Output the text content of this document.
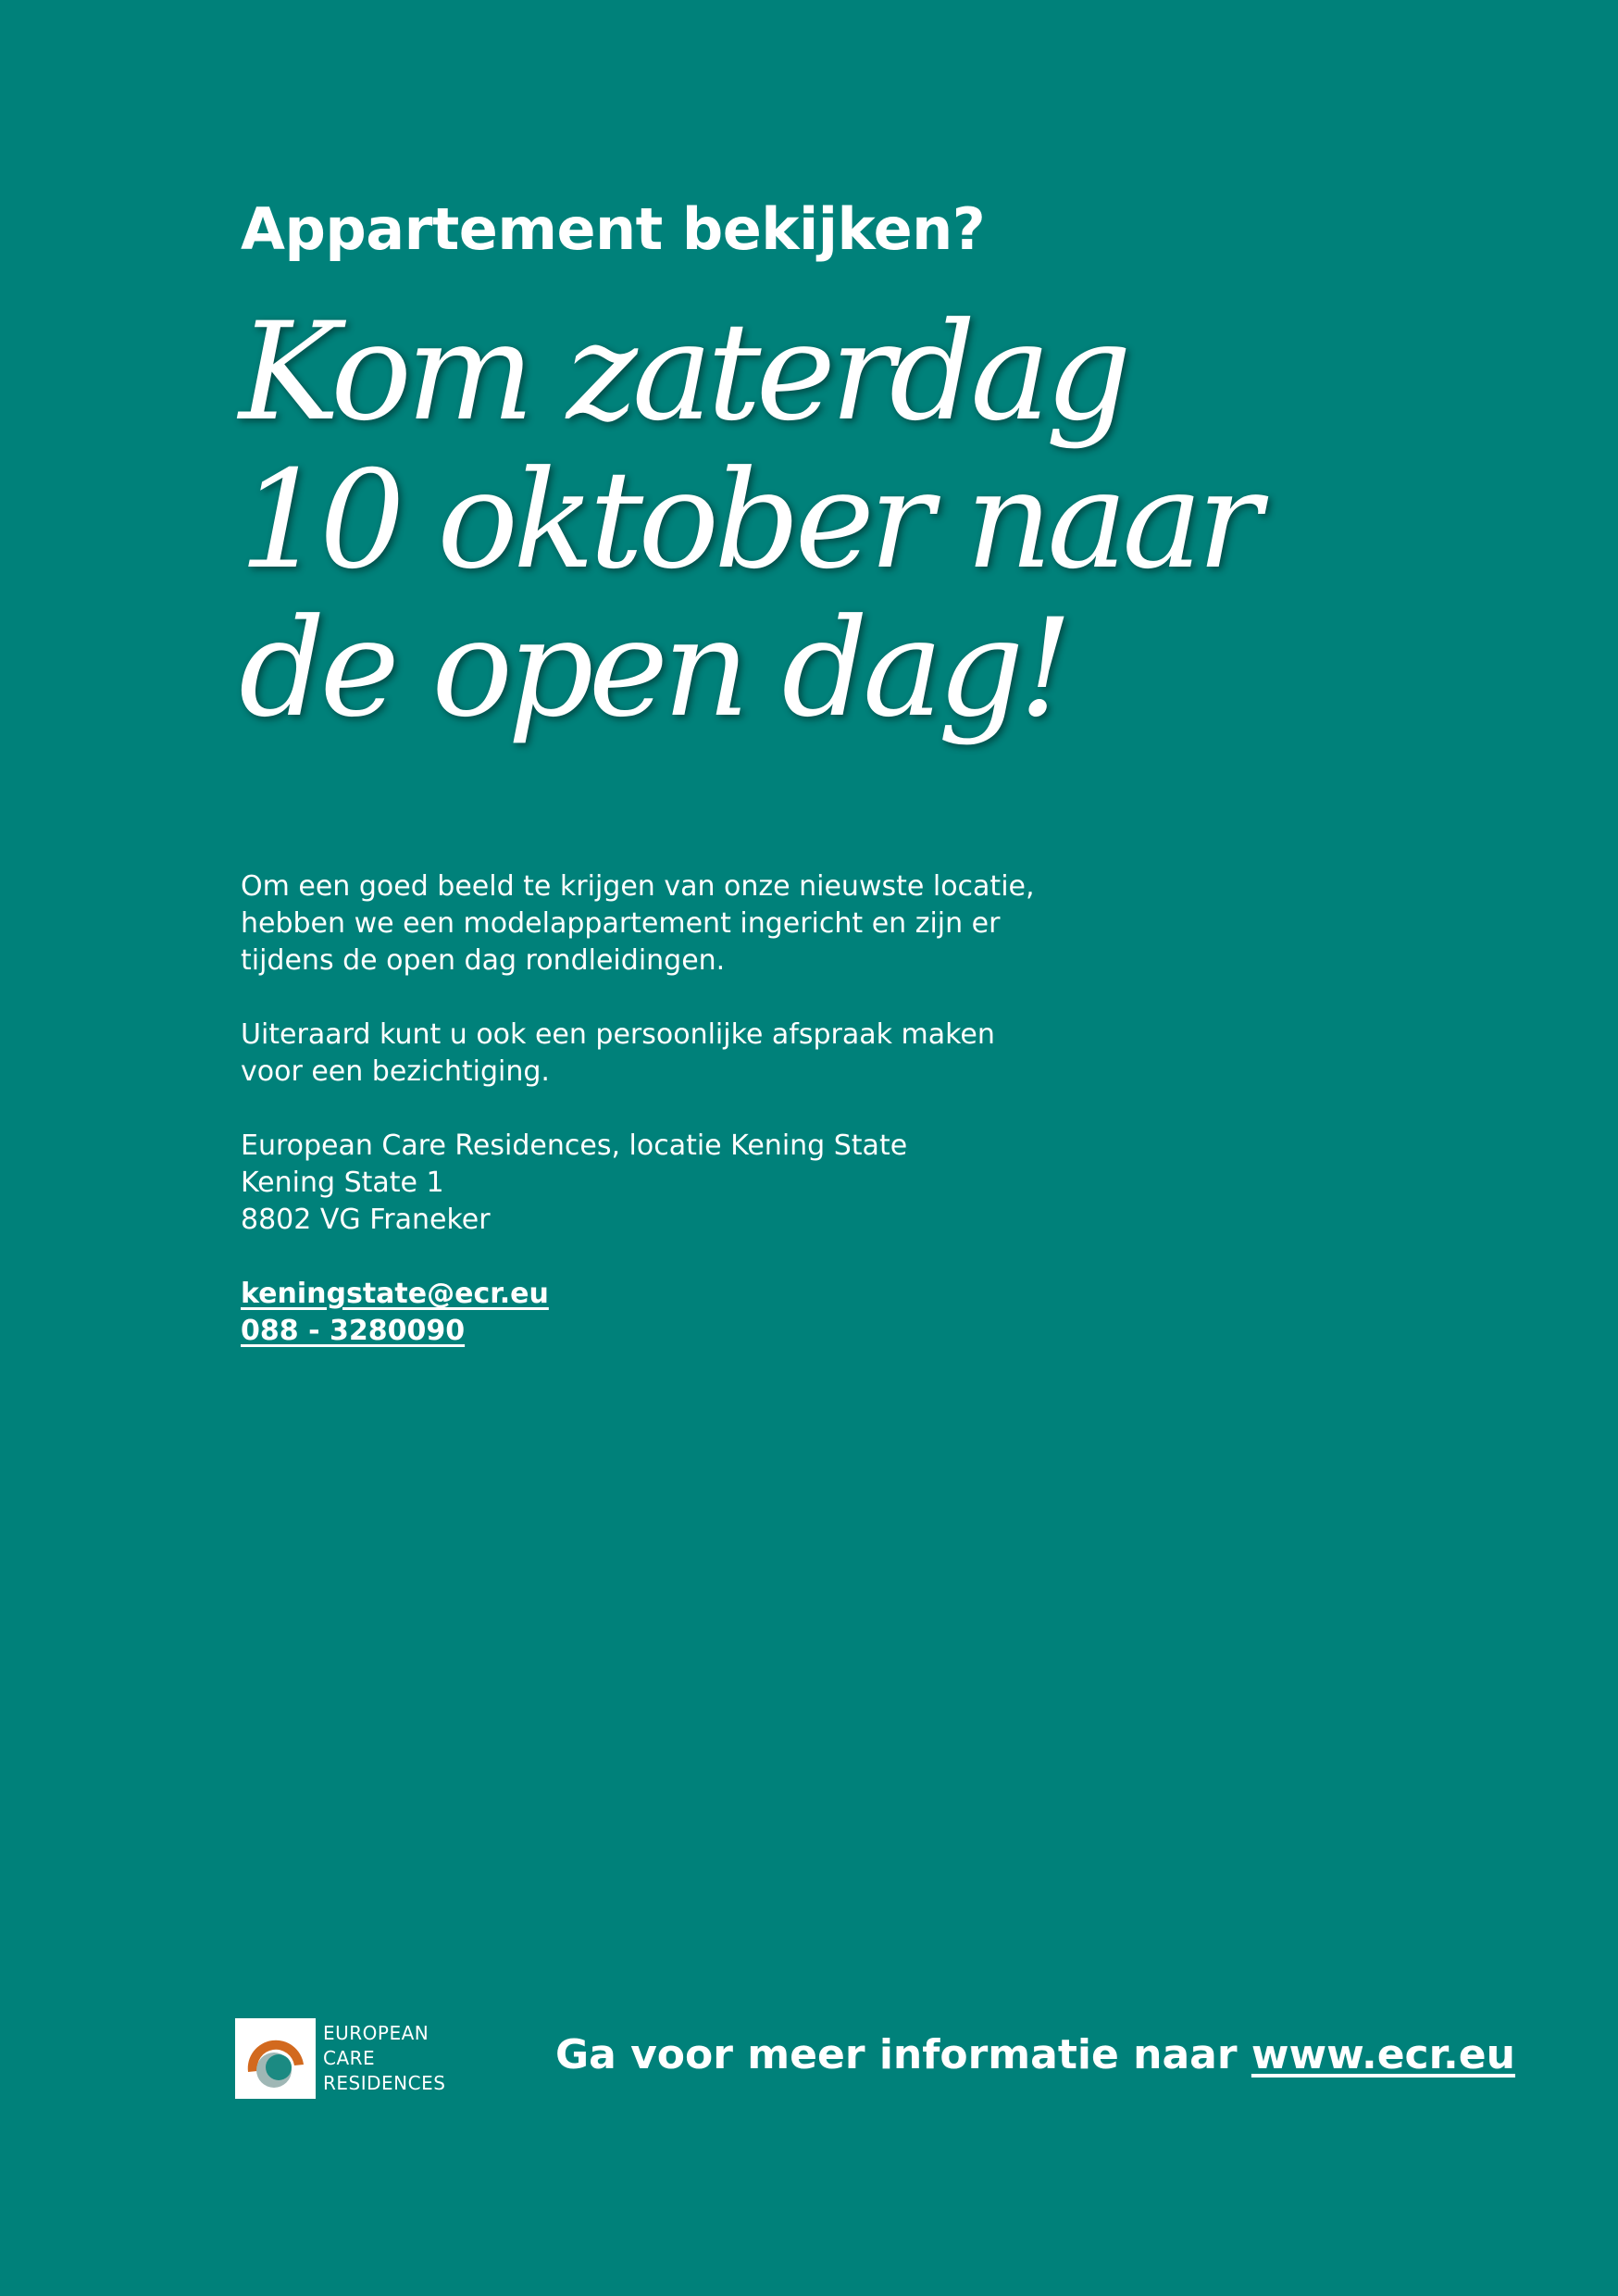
Appartement bekijken?
Kom zaterdag
10 oktober naar
de open dag!

Om een goed beeld te krijgen van onze nieuwste locatie,
hebben we een modelappartement ingericht en zijn er
tijdens de open dag rondleidingen.

Uiteraard kunt u ook een persoonlijke afspraak maken
voor een bezichtiging.

European Care Residences, locatie Kening State
Kening State 1
8802 VG Franeker

keningstate@ecr.eu
088 - 3280090

EUROPEAN
CARE
RESIDENCES
Ga voor meer informatie naar www.ecr.eu
